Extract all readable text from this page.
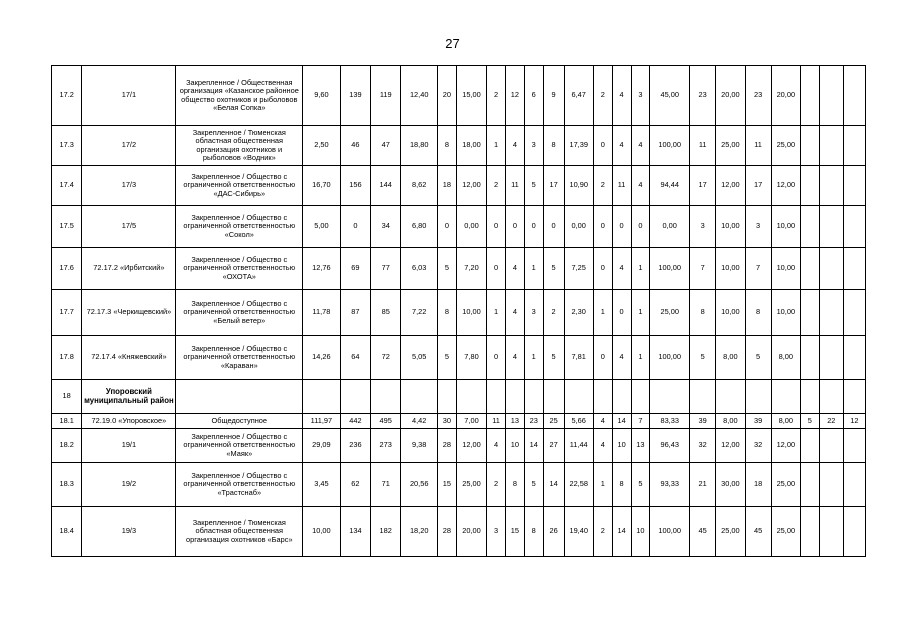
27
17.2	17/1	Закрепленное / Общественная организация «Казанское районное общество охотников и рыболовов «Белая Сопка»	9,60	139	119	12,40	20	15,00	2	12	6	9	6,47	2	4	3	45,00	23	20,00	23	20,00			
17.3	17/2	Закрепленное / Тюменская областная общественная организация охотников и рыболовов «Водник»	2,50	46	47	18,80	8	18,00	1	4	3	8	17,39	0	4	4	100,00	11	25,00	11	25,00			
17.4	17/3	Закрепленное / Общество с ограниченной ответственностью «ДАС-Сибирь»	16,70	156	144	8,62	18	12,00	2	11	5	17	10,90	2	11	4	94,44	17	12,00	17	12,00			
17.5	17/5	Закрепленное / Общество с ограниченной ответственностью «Сокол»	5,00	0	34	6,80	0	0,00	0	0	0	0	0,00	0	0	0	0,00	3	10,00	3	10,00			
17.6	72.17.2 «Ирбитский»	Закрепленное / Общество с ограниченной ответственностью «ОХОТА»	12,76	69	77	6,03	5	7,20	0	4	1	5	7,25	0	4	1	100,00	7	10,00	7	10,00			
17.7	72.17.3 «Черкищевский»	Закрепленное / Общество с ограниченной ответственностью «Белый ветер»	11,78	87	85	7,22	8	10,00	1	4	3	2	2,30	1	0	1	25,00	8	10,00	8	10,00			
17.8	72.17.4 «Княжевский»	Закрепленное / Общество с ограниченной ответственностью «Караван»	14,26	64	72	5,05	5	7,80	0	4	1	5	7,81	0	4	1	100,00	5	8,00	5	8,00			
18	Упоровский муниципальный район																							
18.1	72.19.0 «Упоровское»	Общедоступное	111,97	442	495	4,42	30	7,00	11	13	23	25	5,66	4	14	7	83,33	39	8,00	39	8,00	5	22	12
18.2	19/1	Закрепленное / Общество с ограниченной ответственностью «Маяк»	29,09	236	273	9,38	28	12,00	4	10	14	27	11,44	4	10	13	96,43	32	12,00	32	12,00			
18.3	19/2	Закрепленное / Общество с ограниченной ответственностью «Трастснаб»	3,45	62	71	20,56	15	25,00	2	8	5	14	22,58	1	8	5	93,33	21	30,00	18	25,00			
18.4	19/3	Закрепленное / Тюменская областная общественная организация охотников «Барс»	10,00	134	182	18,20	28	20,00	3	15	8	26	19,40	2	14	10	100,00	45	25,00	45	25,00			
